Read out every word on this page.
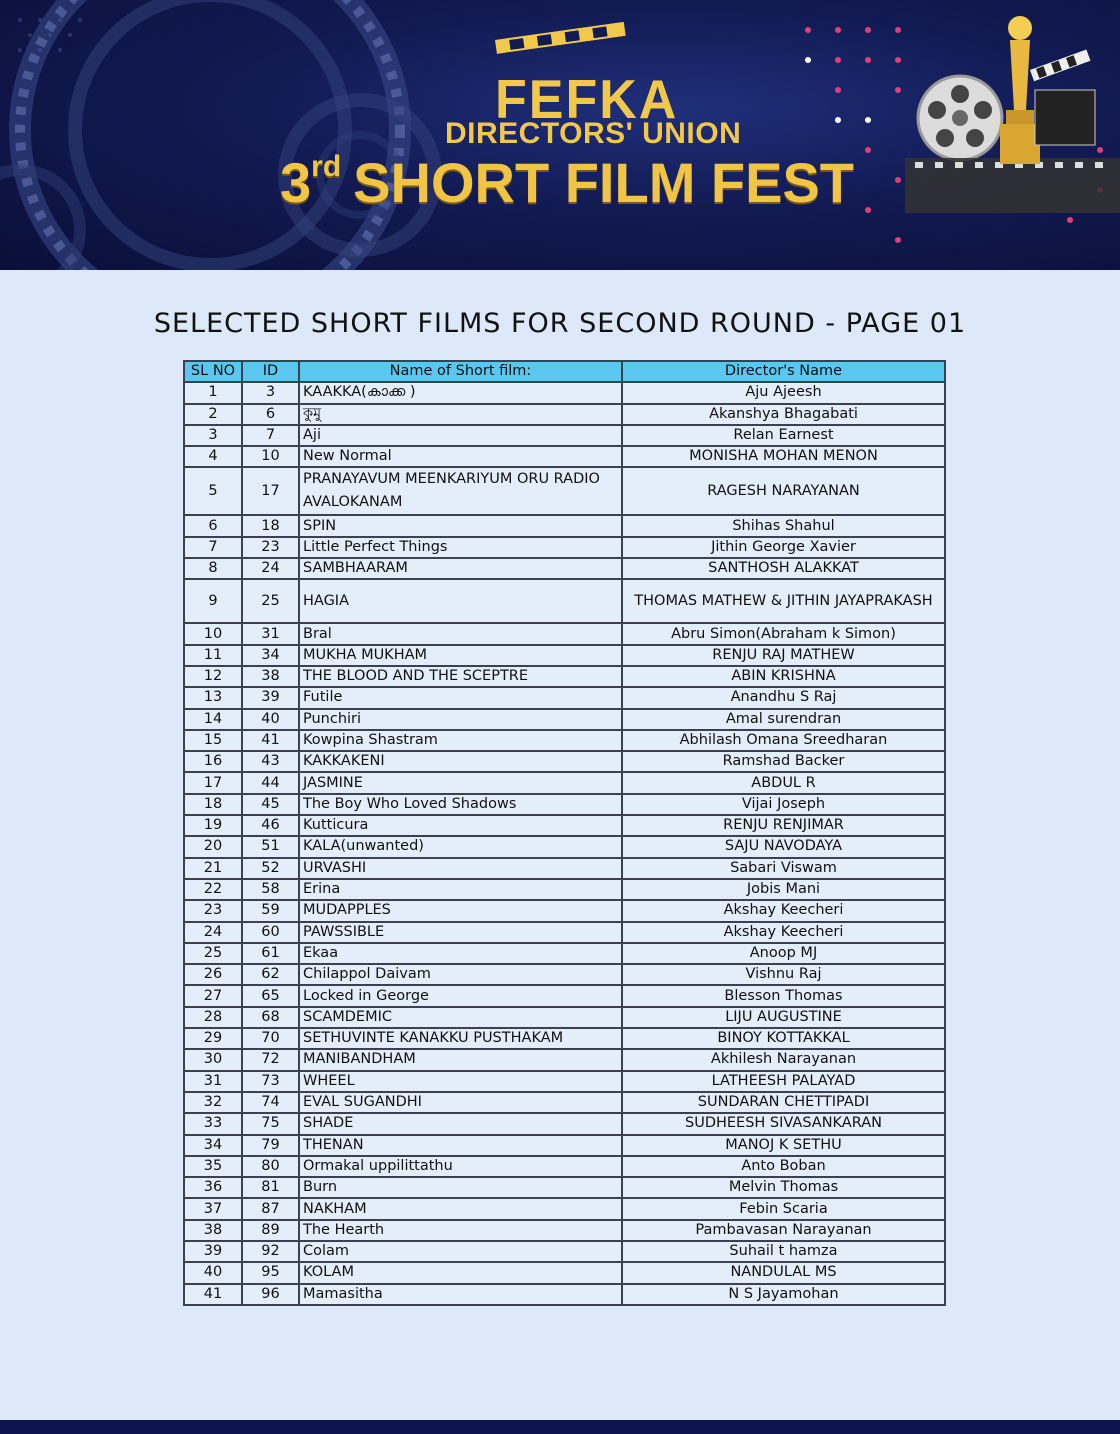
FEFKA
DIRECTORS' UNION
3rd SHORT FILM FEST
SELECTED SHORT FILMS FOR SECOND ROUND - PAGE 01
SL NO	ID	Name of Short film:	Director's Name
1	3	KAAKKA(കാക്ക )	Aju Ajeesh
2	6	কুমু	Akanshya Bhagabati
3	7	Aji	Relan Earnest
4	10	New Normal	MONISHA MOHAN MENON
5	17	PRANAYAVUM MEENKARIYUM ORU RADIO AVALOKANAM	RAGESH NARAYANAN
6	18	SPIN	Shihas Shahul
7	23	Little Perfect Things	Jithin George Xavier
8	24	SAMBHAARAM	SANTHOSH ALAKKAT
9	25	HAGIA	THOMAS MATHEW & JITHIN JAYAPRAKASH
10	31	Bral	Abru Simon(Abraham k Simon)
11	34	MUKHA MUKHAM	RENJU RAJ MATHEW
12	38	THE BLOOD AND THE SCEPTRE	ABIN KRISHNA
13	39	Futile	Anandhu S Raj
14	40	Punchiri	Amal surendran
15	41	Kowpina Shastram	Abhilash Omana Sreedharan
16	43	KAKKAKENI	Ramshad Backer
17	44	JASMINE	ABDUL R
18	45	The Boy Who Loved Shadows	Vijai Joseph
19	46	Kutticura	RENJU RENJIMAR
20	51	KALA(unwanted)	SAJU NAVODAYA
21	52	URVASHI	Sabari Viswam
22	58	Erina	Jobis Mani
23	59	MUDAPPLES	Akshay Keecheri
24	60	PAWSSIBLE	Akshay Keecheri
25	61	Ekaa	Anoop MJ
26	62	Chilappol Daivam	Vishnu Raj
27	65	Locked in George	Blesson Thomas
28	68	SCAMDEMIC	LIJU AUGUSTINE
29	70	SETHUVINTE KANAKKU PUSTHAKAM	BINOY KOTTAKKAL
30	72	MANIBANDHAM	Akhilesh Narayanan
31	73	WHEEL	LATHEESH PALAYAD
32	74	EVAL SUGANDHI	SUNDARAN CHETTIPADI
33	75	SHADE	SUDHEESH SIVASANKARAN
34	79	THENAN	MANOJ K SETHU
35	80	Ormakal uppilittathu	Anto Boban
36	81	Burn	Melvin Thomas
37	87	NAKHAM	Febin Scaria
38	89	The Hearth	Pambavasan Narayanan
39	92	Colam	Suhail t hamza
40	95	KOLAM	NANDULAL MS
41	96	Mamasitha	N S Jayamohan
